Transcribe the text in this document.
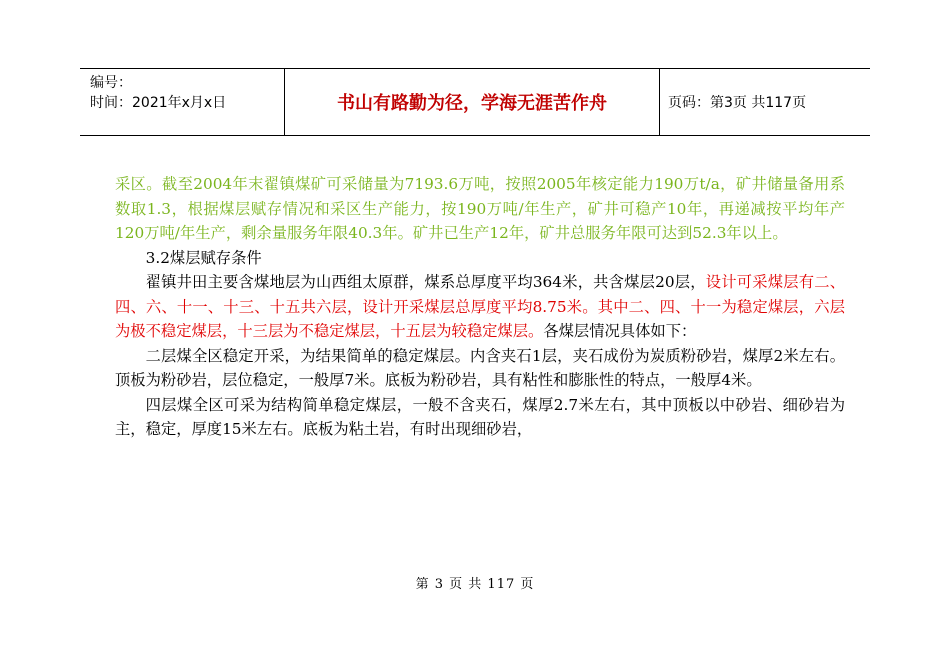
编号：
时间：2021年x月x日	书山有路勤为径，学海无涯苦作舟	页码：第3页 共117页

采区。截至2004年末翟镇煤矿可采储量为7193.6万吨，按照2005年核定能力190万t/a，矿井储量备用系数取1.3，根据煤层赋存情况和采区生产能力，按190万吨/年生产，矿井可稳产10年，再递减按平均年产120万吨/年生产，剩余量服务年限40.3年。矿井已生产12年，矿井总服务年限可达到52.3年以上。

3.2煤层赋存条件

翟镇井田主要含煤地层为山西组太原群，煤系总厚度平均364米，共含煤层20层，设计可采煤层有二、四、六、十一、十三、十五共六层，设计开采煤层总厚度平均8.75米。其中二、四、十一为稳定煤层，六层为极不稳定煤层，十三层为不稳定煤层，十五层为较稳定煤层。各煤层情况具体如下：

二层煤全区稳定开采，为结果简单的稳定煤层。内含夹石1层，夹石成份为炭质粉砂岩，煤厚2米左右。顶板为粉砂岩，层位稳定，一般厚7米。底板为粉砂岩，具有粘性和膨胀性的特点，一般厚4米。

四层煤全区可采为结构简单稳定煤层，一般不含夹石，煤厚2.7米左右，其中顶板以中砂岩、细砂岩为主，稳定，厚度15米左右。底板为粘土岩，有时出现细砂岩，

第 3 页 共 117 页
